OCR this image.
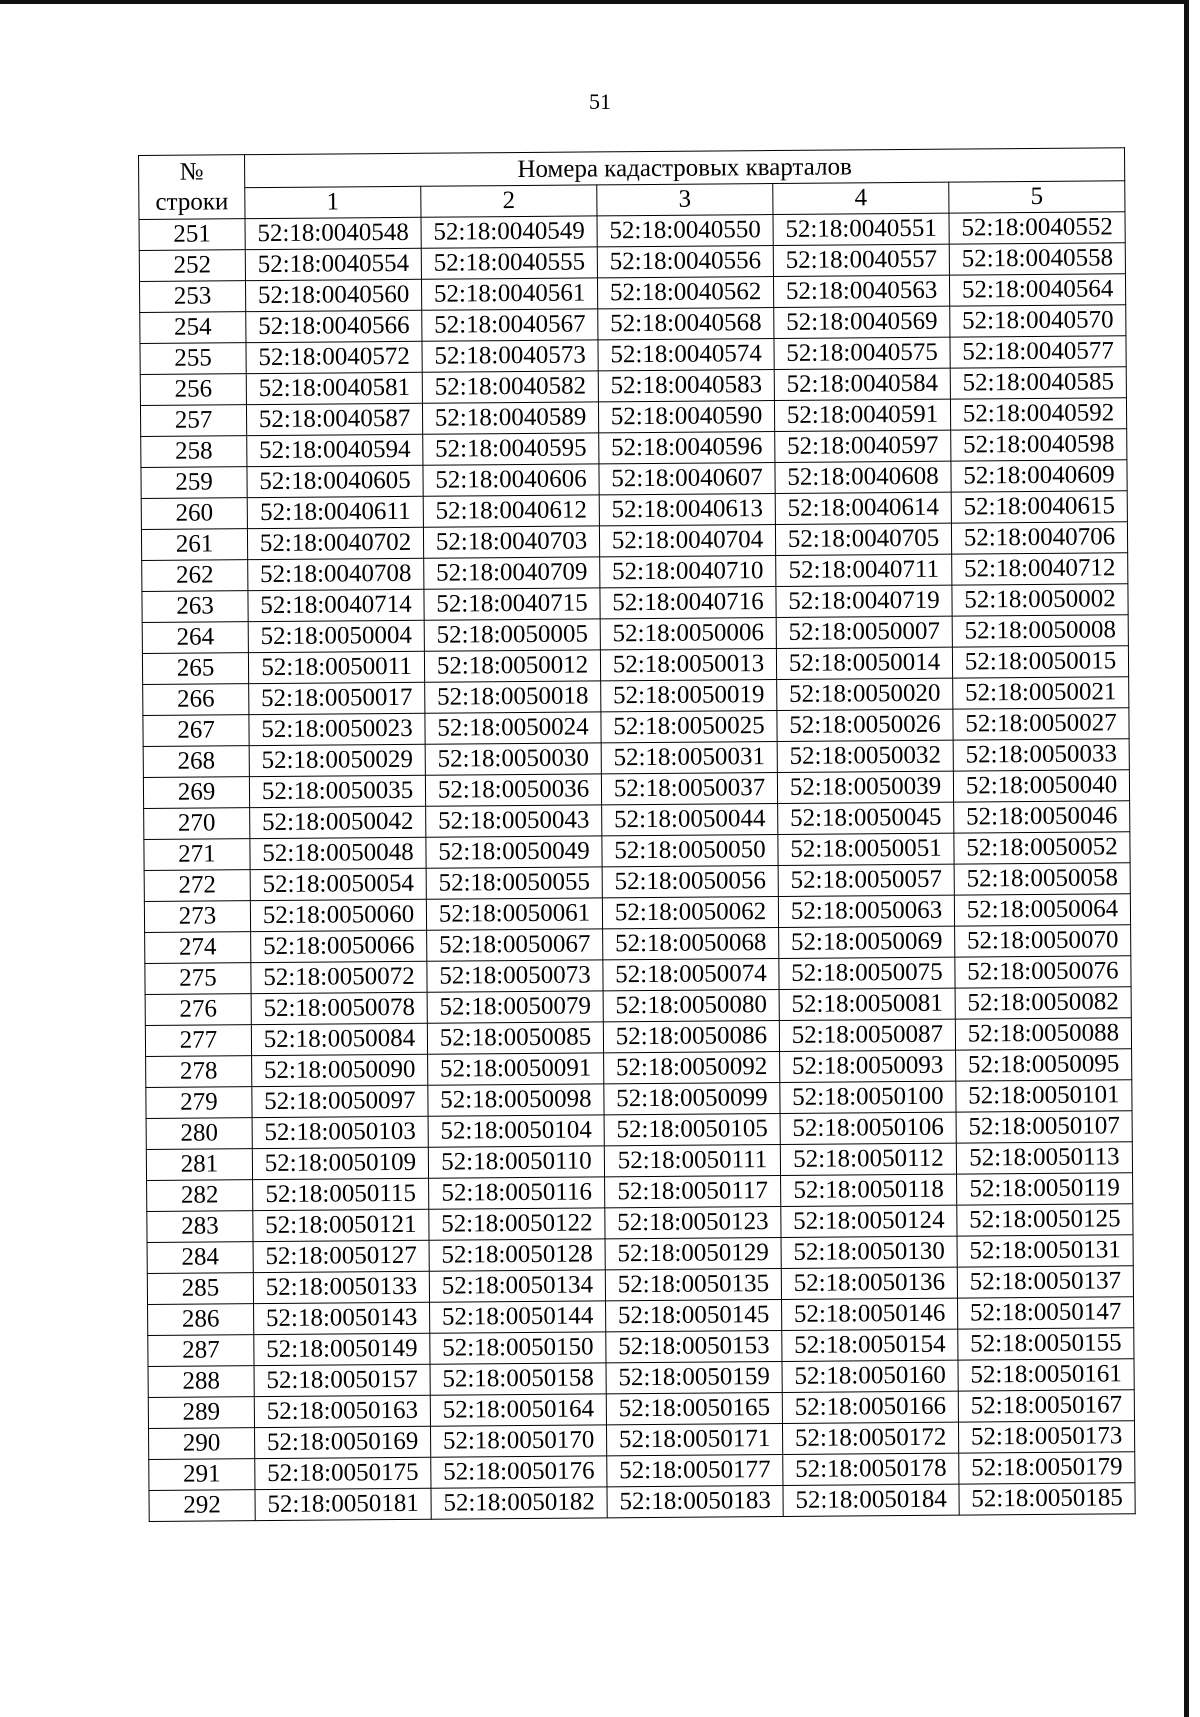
51
№
строки	Номера кадастровых кварталов				
	1	2	3	4	5
251	52:18:0040548	52:18:0040549	52:18:0040550	52:18:0040551	52:18:0040552
252	52:18:0040554	52:18:0040555	52:18:0040556	52:18:0040557	52:18:0040558
253	52:18:0040560	52:18:0040561	52:18:0040562	52:18:0040563	52:18:0040564
254	52:18:0040566	52:18:0040567	52:18:0040568	52:18:0040569	52:18:0040570
255	52:18:0040572	52:18:0040573	52:18:0040574	52:18:0040575	52:18:0040577
256	52:18:0040581	52:18:0040582	52:18:0040583	52:18:0040584	52:18:0040585
257	52:18:0040587	52:18:0040589	52:18:0040590	52:18:0040591	52:18:0040592
258	52:18:0040594	52:18:0040595	52:18:0040596	52:18:0040597	52:18:0040598
259	52:18:0040605	52:18:0040606	52:18:0040607	52:18:0040608	52:18:0040609
260	52:18:0040611	52:18:0040612	52:18:0040613	52:18:0040614	52:18:0040615
261	52:18:0040702	52:18:0040703	52:18:0040704	52:18:0040705	52:18:0040706
262	52:18:0040708	52:18:0040709	52:18:0040710	52:18:0040711	52:18:0040712
263	52:18:0040714	52:18:0040715	52:18:0040716	52:18:0040719	52:18:0050002
264	52:18:0050004	52:18:0050005	52:18:0050006	52:18:0050007	52:18:0050008
265	52:18:0050011	52:18:0050012	52:18:0050013	52:18:0050014	52:18:0050015
266	52:18:0050017	52:18:0050018	52:18:0050019	52:18:0050020	52:18:0050021
267	52:18:0050023	52:18:0050024	52:18:0050025	52:18:0050026	52:18:0050027
268	52:18:0050029	52:18:0050030	52:18:0050031	52:18:0050032	52:18:0050033
269	52:18:0050035	52:18:0050036	52:18:0050037	52:18:0050039	52:18:0050040
270	52:18:0050042	52:18:0050043	52:18:0050044	52:18:0050045	52:18:0050046
271	52:18:0050048	52:18:0050049	52:18:0050050	52:18:0050051	52:18:0050052
272	52:18:0050054	52:18:0050055	52:18:0050056	52:18:0050057	52:18:0050058
273	52:18:0050060	52:18:0050061	52:18:0050062	52:18:0050063	52:18:0050064
274	52:18:0050066	52:18:0050067	52:18:0050068	52:18:0050069	52:18:0050070
275	52:18:0050072	52:18:0050073	52:18:0050074	52:18:0050075	52:18:0050076
276	52:18:0050078	52:18:0050079	52:18:0050080	52:18:0050081	52:18:0050082
277	52:18:0050084	52:18:0050085	52:18:0050086	52:18:0050087	52:18:0050088
278	52:18:0050090	52:18:0050091	52:18:0050092	52:18:0050093	52:18:0050095
279	52:18:0050097	52:18:0050098	52:18:0050099	52:18:0050100	52:18:0050101
280	52:18:0050103	52:18:0050104	52:18:0050105	52:18:0050106	52:18:0050107
281	52:18:0050109	52:18:0050110	52:18:0050111	52:18:0050112	52:18:0050113
282	52:18:0050115	52:18:0050116	52:18:0050117	52:18:0050118	52:18:0050119
283	52:18:0050121	52:18:0050122	52:18:0050123	52:18:0050124	52:18:0050125
284	52:18:0050127	52:18:0050128	52:18:0050129	52:18:0050130	52:18:0050131
285	52:18:0050133	52:18:0050134	52:18:0050135	52:18:0050136	52:18:0050137
286	52:18:0050143	52:18:0050144	52:18:0050145	52:18:0050146	52:18:0050147
287	52:18:0050149	52:18:0050150	52:18:0050153	52:18:0050154	52:18:0050155
288	52:18:0050157	52:18:0050158	52:18:0050159	52:18:0050160	52:18:0050161
289	52:18:0050163	52:18:0050164	52:18:0050165	52:18:0050166	52:18:0050167
290	52:18:0050169	52:18:0050170	52:18:0050171	52:18:0050172	52:18:0050173
291	52:18:0050175	52:18:0050176	52:18:0050177	52:18:0050178	52:18:0050179
292	52:18:0050181	52:18:0050182	52:18:0050183	52:18:0050184	52:18:0050185
